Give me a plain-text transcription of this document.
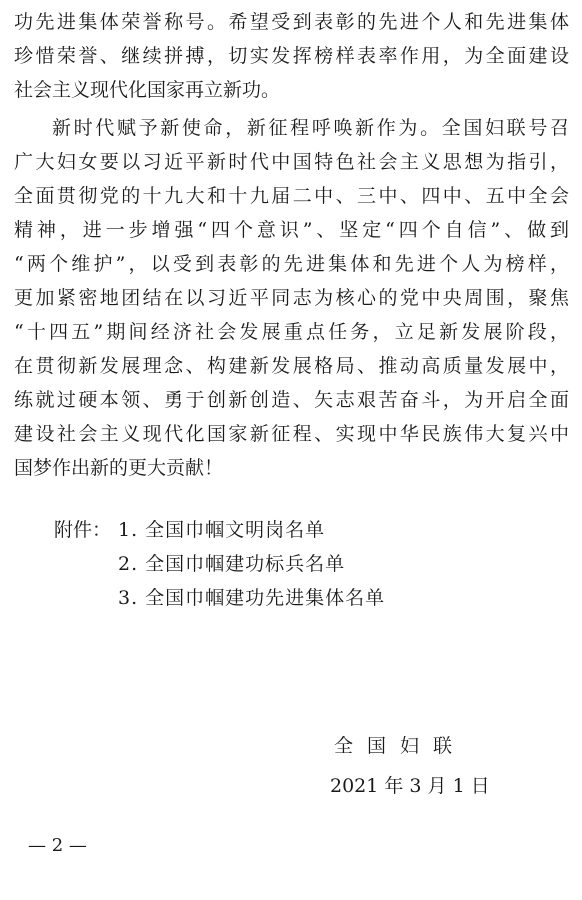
功先进集体荣誉称号。希望受到表彰的先进个人和先进集体
珍惜荣誉、继续拼搏，切实发挥榜样表率作用，为全面建设
社会主义现代化国家再立新功。
新时代赋予新使命，新征程呼唤新作为。全国妇联号召
广大妇女要以习近平新时代中国特色社会主义思想为指引，
全面贯彻党的十九大和十九届二中、三中、四中、五中全会
精神，进一步增强“四个意识”、坚定“四个自信”、做到
“两个维护”，以受到表彰的先进集体和先进个人为榜样，
更加紧密地团结在以习近平同志为核心的党中央周围，聚焦
“十四五”期间经济社会发展重点任务，立足新发展阶段，
在贯彻新发展理念、构建新发展格局、推动高质量发展中，
练就过硬本领、勇于创新创造、矢志艰苦奋斗，为开启全面
建设社会主义现代化国家新征程、实现中华民族伟大复兴中
国梦作出新的更大贡献！
附件： 1. 全国巾帼文明岗名单
2. 全国巾帼建功标兵名单
3. 全国巾帼建功先进集体名单
全国妇联
2021 年 3 月 1 日
— 2 —
